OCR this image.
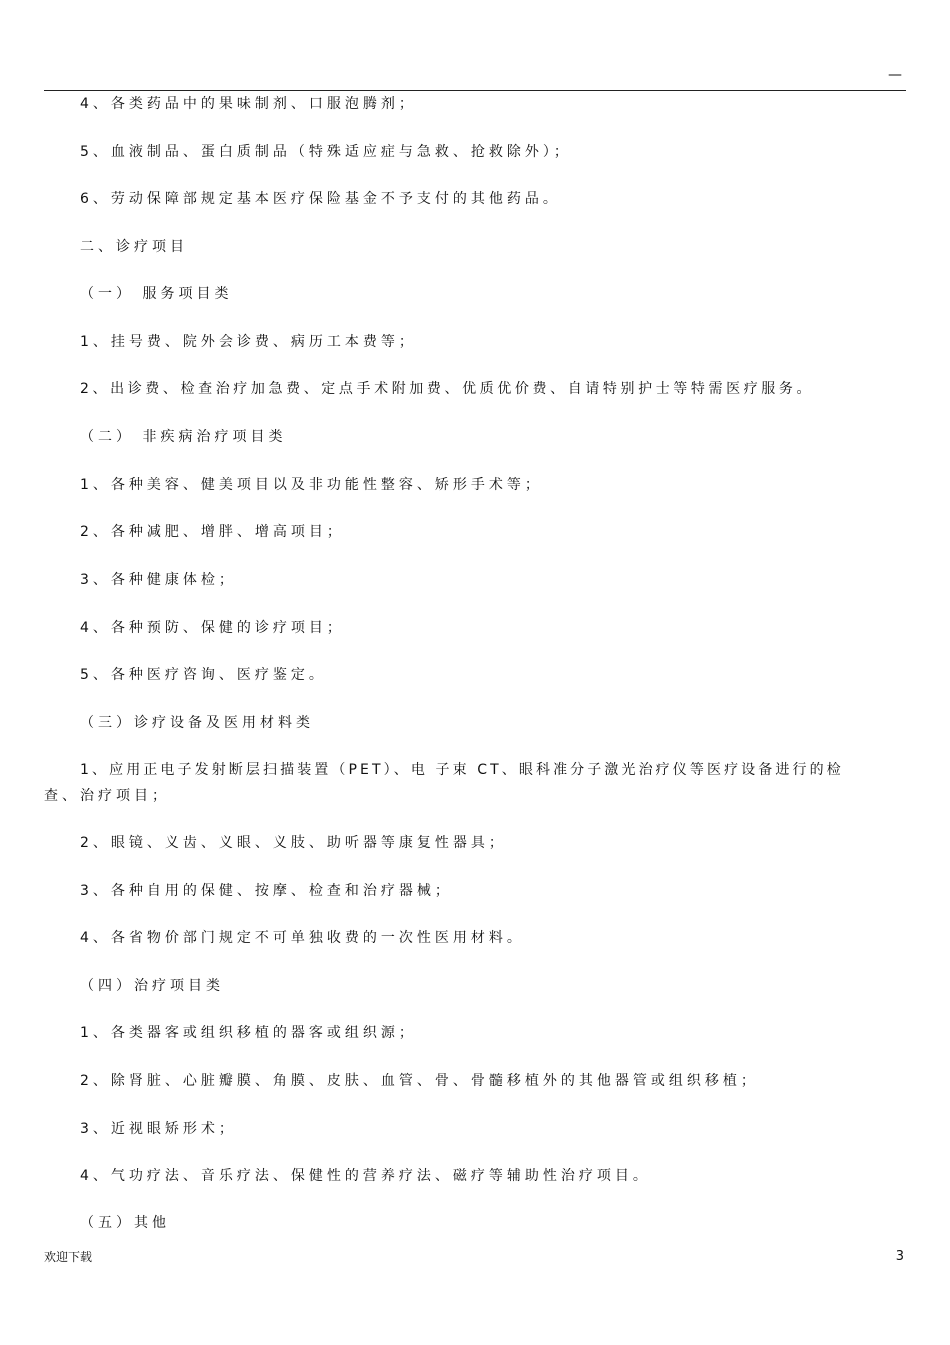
—
4、各类药品中的果味制剂、口服泡腾剂；
5、血液制品、蛋白质制品（特殊适应症与急救、抢救除外）；
6、劳动保障部规定基本医疗保险基金不予支付的其他药品。
二、诊疗项目
（一） 服务项目类
1、挂号费、院外会诊费、病历工本费等；
2、出诊费、检查治疗加急费、定点手术附加费、优质优价费、自请特别护士等特需医疗服务。
（二） 非疾病治疗项目类
1、各种美容、健美项目以及非功能性整容、矫形手术等；
2、各种减肥、增胖、增高项目；
3、各种健康体检；
4、各种预防、保健的诊疗项目；
5、各种医疗咨询、医疗鉴定。
（三）诊疗设备及医用材料类
1、应用正电子发射断层扫描装置（PET）、电 子束 CT、眼科准分子激光治疗仪等医疗设备进行的检
查、治疗项目；
2、眼镜、义齿、义眼、义肢、助听器等康复性器具；
3、各种自用的保健、按摩、检查和治疗器械；
4、各省物价部门规定不可单独收费的一次性医用材料。
（四）治疗项目类
1、各类器客或组织移植的器客或组织源；
2、除肾脏、心脏瓣膜、角膜、皮肤、血管、骨、骨髓移植外的其他器管或组织移植；
3、近视眼矫形术；
4、气功疗法、音乐疗法、保健性的营养疗法、磁疗等辅助性治疗项目。
（五）其他
欢迎下载	3
